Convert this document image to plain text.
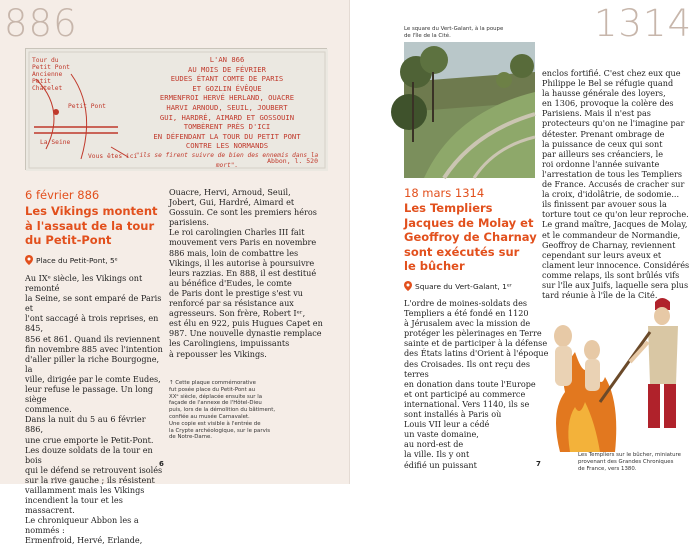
886
Tour du Petit Pont Ancienne Petit Chatelet
Petit Pont
La Seine
Vous êtes ici
L'AN 866
AU MOIS DE FÉVRIER
EUDES ÉTANT COMTE DE PARIS
ET GOZLIN ÉVÊQUE
ERMENFROI HERVÉ HERLAND, OUACRE
HARVI ARNOUD, SEUIL, JOUBERT
GUI, HARDRÉ, AIMARD ET GOSSOUIN
TOMBÈRENT PRÈS D'ICI
EN DÉFENDANT LA TOUR DU PETIT PONT
CONTRE LES NORMANDS
"ils se firent suivre de bien des ennemis dans la mort".
Abbon, l. 520
6 février 886
Les Vikings montent
à l'assaut de la tour
du Petit-Pont
Place du Petit-Pont, 5ᵉ

Au IXᵉ siècle, les Vikings ont remonté

la Seine, se sont emparé de Paris et

l'ont saccagé à trois reprises, en 845,

856 et 861. Quand ils reviennent

fin novembre 885 avec l'intention

d'aller piller la riche Bourgogne, la

ville, dirigée par le comte Eudes,

leur refuse le passage. Un long siège

commence.

Dans la nuit du 5 au 6 février 886,

une crue emporte le Petit-Pont.

Les douze soldats de la tour en bois

qui le défend se retrouvent isolés

sur la rive gauche ; ils résistent

vaillamment mais les Vikings

incendient la tour et les massacrent.

Le chroniqueur Abbon les a nommés :

Ermenfroid, Hervé, Erlande,

Ouacre, Hervi, Arnoud, Seuil,

Jobert, Gui, Hardré, Aimard et

Gossuin. Ce sont les premiers héros

parisiens.

Le roi carolingien Charles III fait

mouvement vers Paris en novembre

886 mais, loin de combattre les

Vikings, il les autorise à poursuivre

leurs razzias. En 888, il est destitué

au bénéfice d'Eudes, le comte

de Paris dont le prestige s'est vu

renforcé par sa résistance aux

agresseurs. Son frère, Robert Iᵉʳ,

est élu en 922, puis Hugues Capet en

987. Une nouvelle dynastie remplace

les Carolingiens, impuissants

à repousser les Vikings.

↑ Cette plaque commémorative
fut posée place du Petit-Pont au
XXᵉ siècle, déplacée ensuite sur la
façade de l'annexe de l'Hôtel-Dieu
puis, lors de la démolition du bâtiment,
confiée au musée Carnavalet.
Une copie est visible à l'entrée de
la Crypte archéologique, sur le parvis
de Notre-Dame.
6
1314
Le square du Vert-Galant, à la poupe
de l'île de la Cité.
18 mars 1314
Les Templiers
Jacques de Molay et
Geoffroy de Charnay
sont exécutés sur
le bûcher
Square du Vert-Galant, 1ᵉʳ

L'ordre de moines-soldats des

Templiers a été fondé en 1120

à Jérusalem avec la mission de

protéger les pèlerinages en Terre

sainte et de participer à la défense

des États latins d'Orient à l'époque

des Croisades. Ils ont reçu des terres

en donation dans toute l'Europe

et ont participé au commerce

international. Vers 1140, ils se

sont installés à Paris où

Louis VII leur a cédé

un vaste domaine,

au nord-est de

la ville. Ils y ont

édifié un puissant

enclos fortifié. C'est chez eux que

Philippe le Bel se réfugie quand

la hausse générale des loyers,

en 1306, provoque la colère des

Parisiens. Mais il n'est pas

protecteurs qu'on ne l'imagine par

détester. Prenant ombrage de

la puissance de ceux qui sont

par ailleurs ses créanciers, le

roi ordonne l'année suivante

l'arrestation de tous les Templiers

de France. Accusés de cracher sur

la croix, d'idolâtrie, de sodomie...

ils finissent par avouer sous la

torture tout ce qu'on leur reproche.

Le grand maître, Jacques de Molay,

et le commandeur de Normandie,

Geoffroy de Charnay, reviennent

cependant sur leurs aveux et

clament leur innocence. Considérés

comme relaps, ils sont brûlés vifs

sur l'île aux Juifs, laquelle sera plus

tard réunie à l'île de la Cité.

Les Templiers sur le bûcher, miniature
provenant des Grandes Chroniques
de France, vers 1380.
7
